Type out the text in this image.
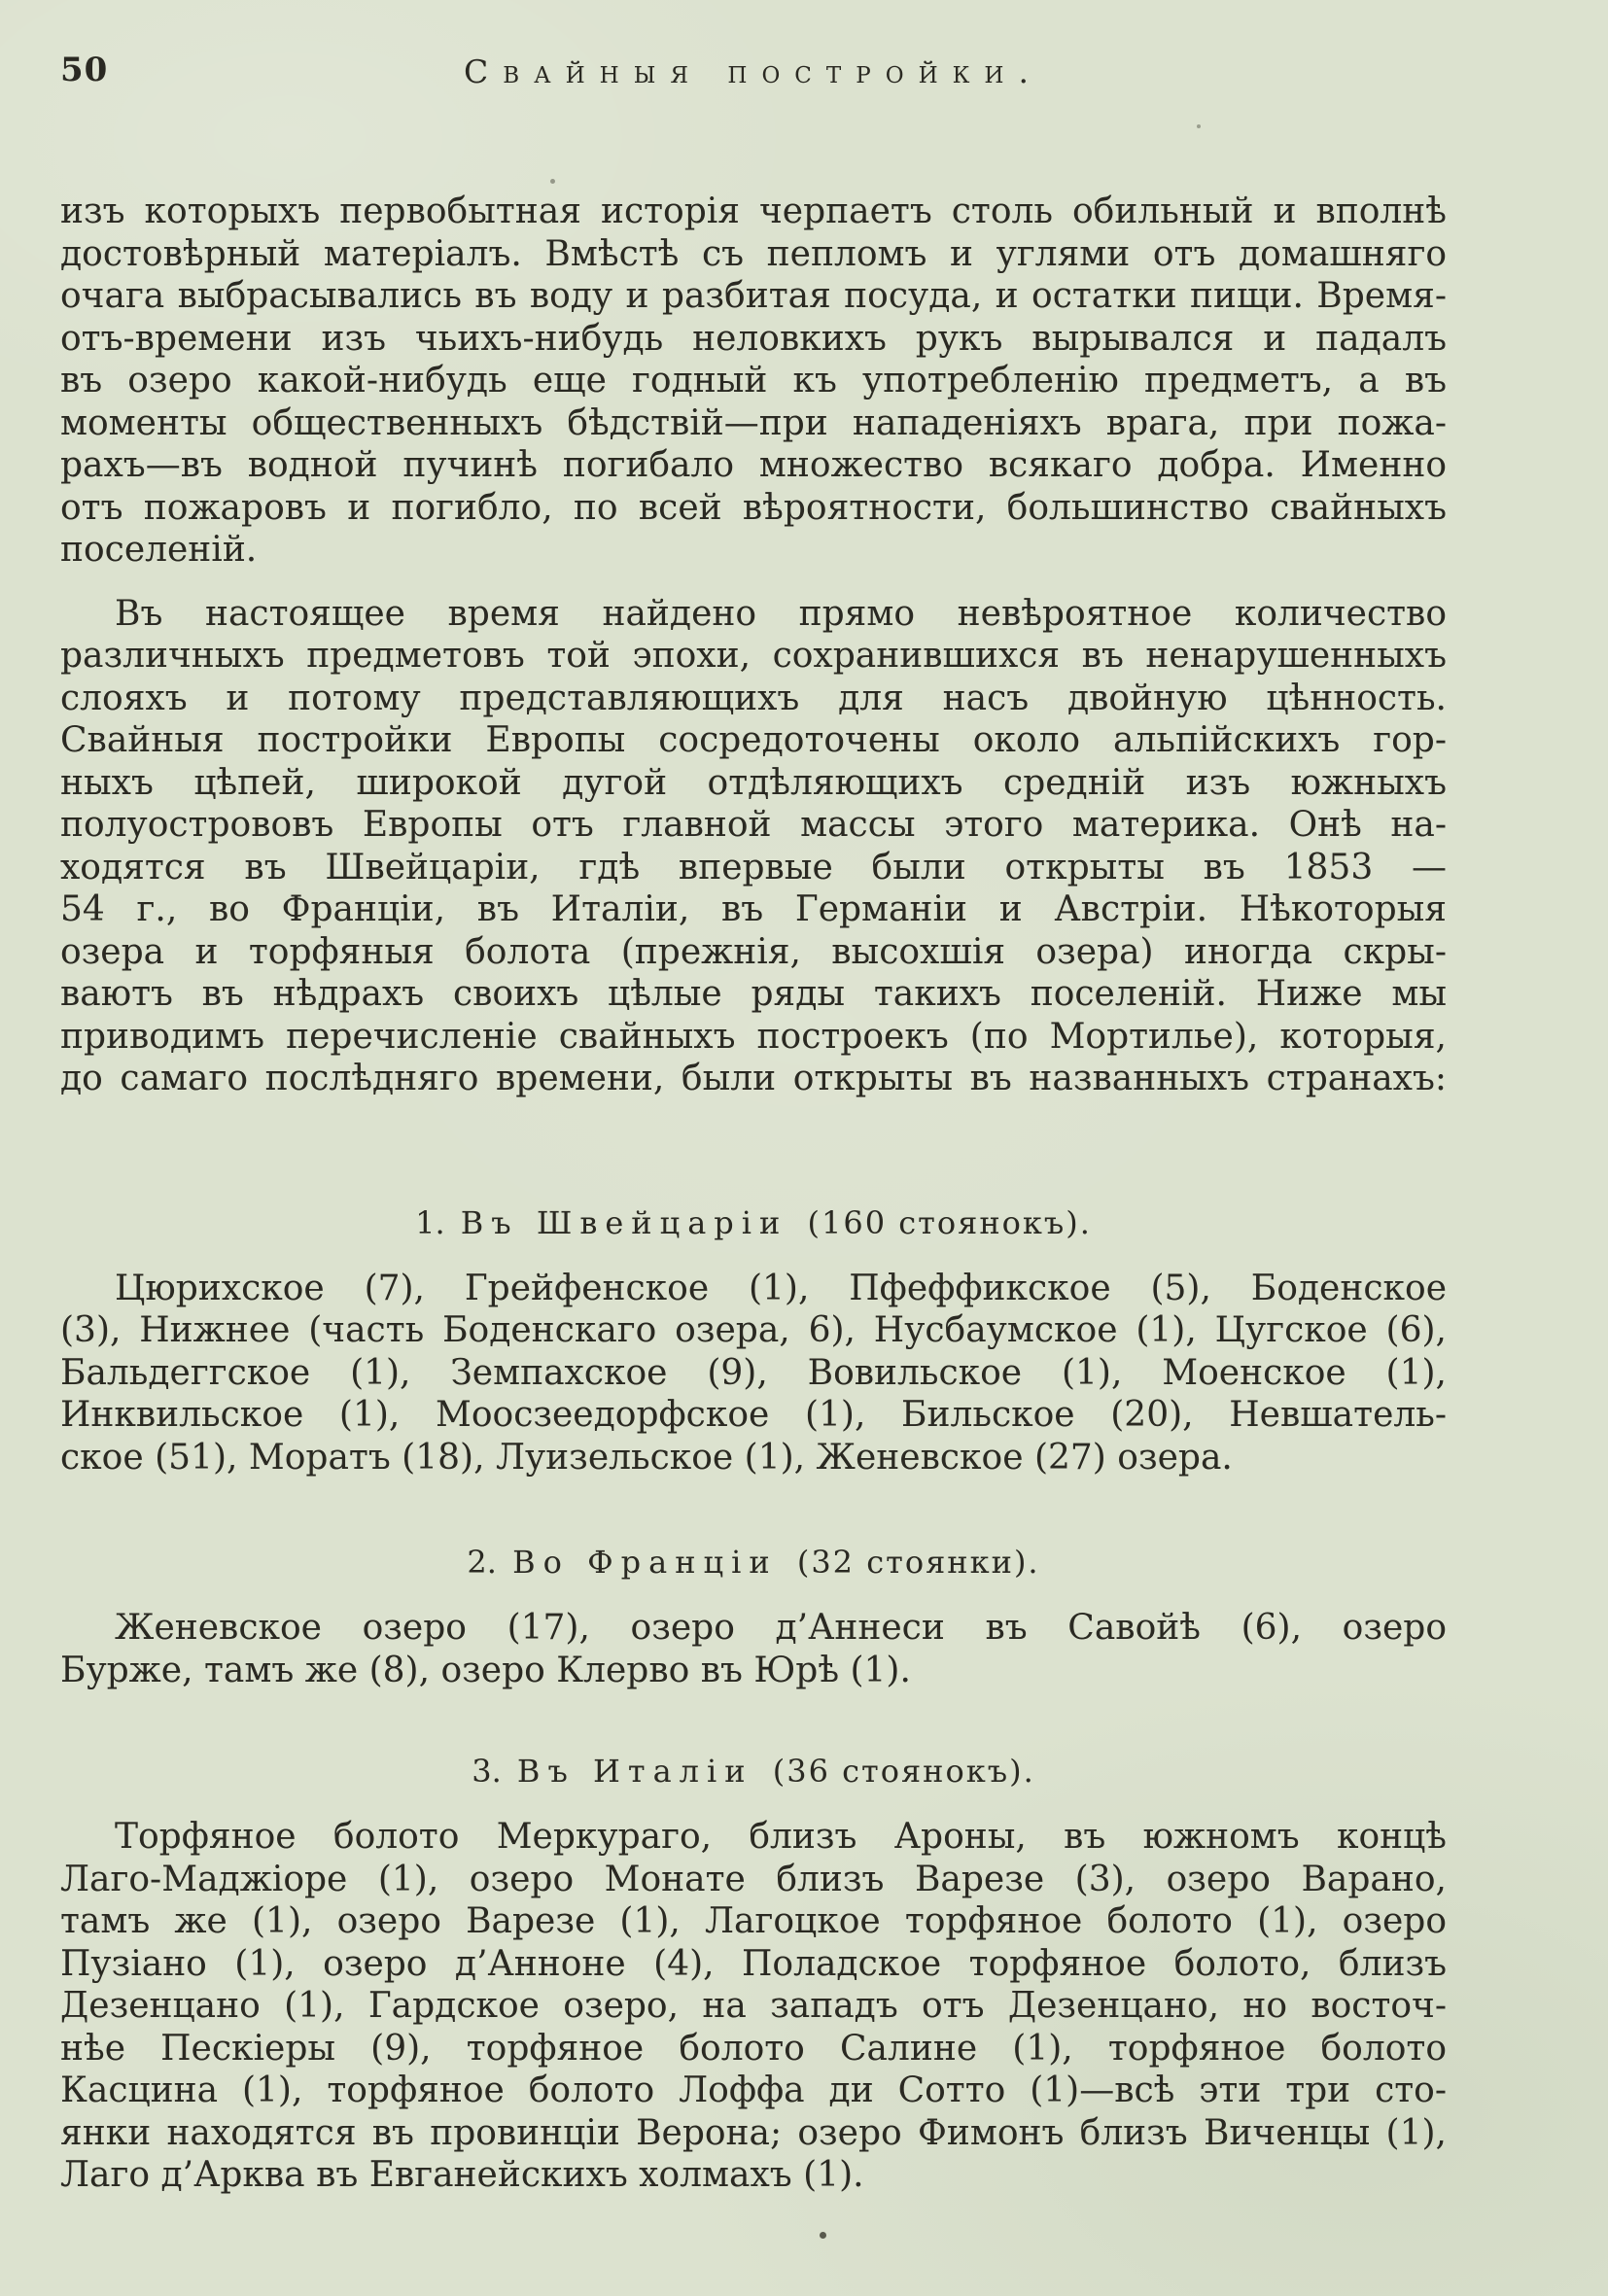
50	Свайныя постройки.
изъ которыхъ первобытная исторія черпаетъ столь обильный и вполнѣ
достовѣрный матеріалъ. Вмѣстѣ съ пепломъ и углями отъ домашняго
очага выбрасывались въ воду и разбитая посуда, и остатки пищи. Время-
отъ-времени изъ чьихъ-нибудь неловкихъ рукъ вырывался и падалъ
въ озеро какой-нибудь еще годный къ употребленію предметъ, а въ
моменты общественныхъ бѣдствій—при нападеніяхъ врага, при пожа-
рахъ—въ водной пучинѣ погибало множество всякаго добра. Именно
отъ пожаровъ и погибло, по всей вѣроятности, большинство свайныхъ
поселеній.
Въ настоящее время найдено прямо невѣроятное количество
различныхъ предметовъ той эпохи, сохранившихся въ ненарушенныхъ
слояхъ и потому представляющихъ для насъ двойную цѣнность.
Свайныя постройки Европы сосредоточены около альпійскихъ гор-
ныхъ цѣпей, широкой дугой отдѣляющихъ средній изъ южныхъ
полуострововъ Европы отъ главной массы этого материка. Онѣ на-
ходятся въ Швейцаріи, гдѣ впервые были открыты въ 1853 —
54 г., во Франціи, въ Италіи, въ Германіи и Австріи. Нѣкоторыя
озера и торфяныя болота (прежнія, высохшія озера) иногда скры-
ваютъ въ нѣдрахъ своихъ цѣлые ряды такихъ поселеній. Ниже мы
приводимъ перечисленіе свайныхъ построекъ (по Мортилье), которыя,
до самаго послѣдняго времени, были открыты въ названныхъ странахъ:
1. Въ Швейцаріи (160 стоянокъ).
Цюрихское (7), Грейфенское (1), Пфеффикское (5), Боденское
(3), Нижнее (часть Боденскаго озера, 6), Нусбаумское (1), Цугское (6),
Бальдеггское (1), Земпахское (9), Вовильское (1), Моенское (1),
Инквильское (1), Моосзеедорфское (1), Бильское (20), Невшатель-
ское (51), Моратъ (18), Луизельское (1), Женевское (27) озера.
2. Во Франціи (32 стоянки).
Женевское озеро (17), озеро д’Аннеси въ Савойѣ (6), озеро
Бурже, тамъ же (8), озеро Клерво въ Юрѣ (1).
3. Въ Италіи (36 стоянокъ).
Торфяное болото Меркураго, близъ Ароны, въ южномъ концѣ
Лаго-Маджіоре (1), озеро Монате близъ Варезе (3), озеро Варано,
тамъ же (1), озеро Варезе (1), Лагоцкое торфяное болото (1), озеро
Пузіано (1), озеро д’Анноне (4), Поладское торфяное болото, близъ
Дезенцано (1), Гардское озеро, на западъ отъ Дезенцано, но восточ-
нѣе Пескіеры (9), торфяное болото Салине (1), торфяное болото
Касцина (1), торфяное болото Лоффа ди Сотто (1)—всѣ эти три сто-
янки находятся въ провинціи Верона; озеро Фимонъ близъ Виченцы (1),
Лаго д’Арква въ Евганейскихъ холмахъ (1).
